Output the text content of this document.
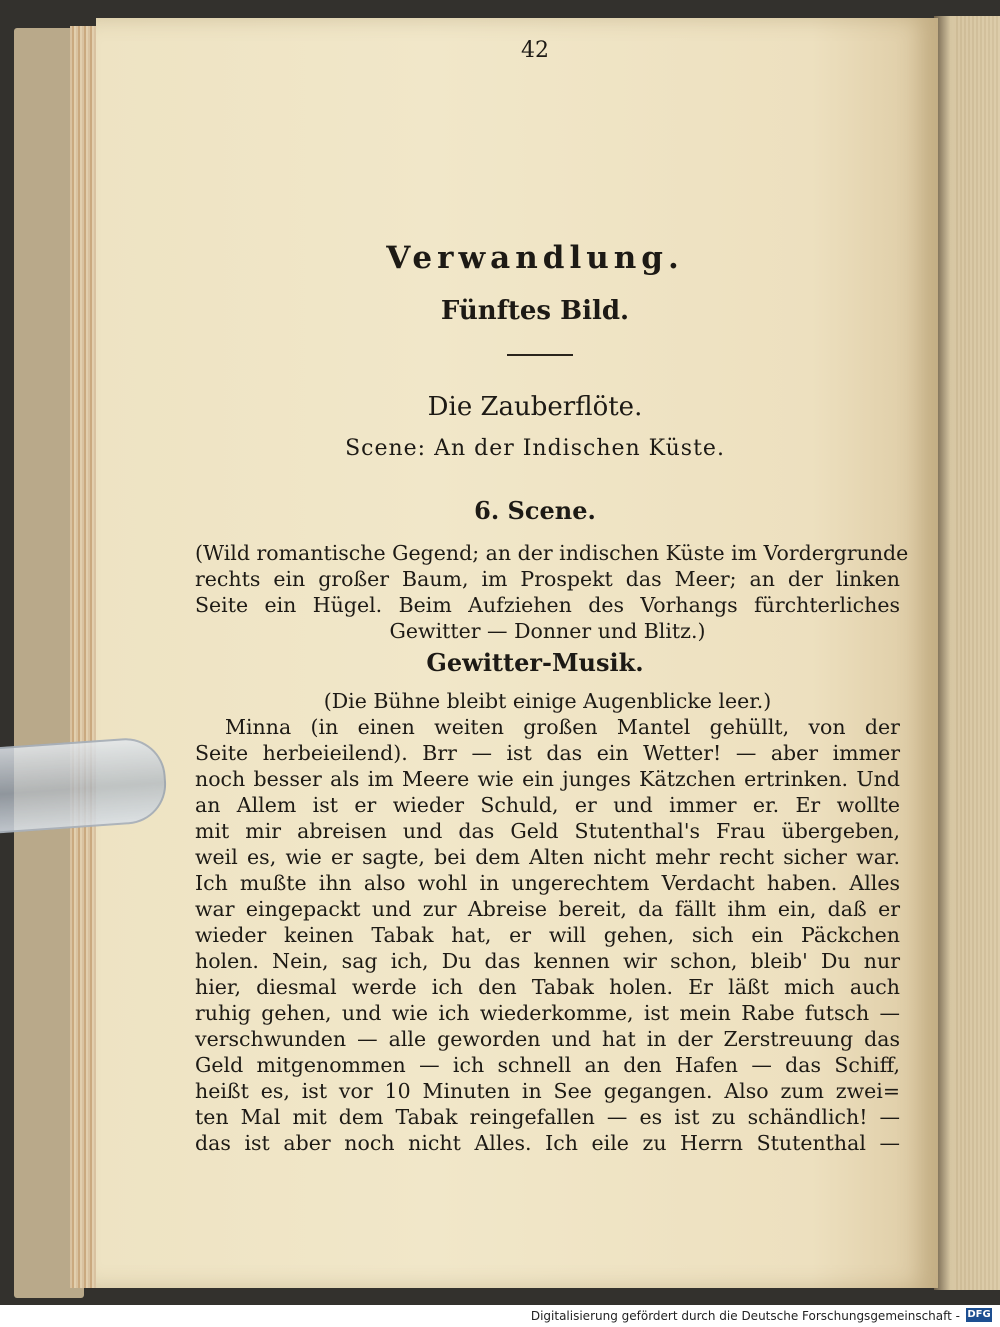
42
Verwandlung.
Fünftes Bild.
Die Zauberflöte.
Scene: An der Indischen Küste.
6. Scene.
(Wild romantische Gegend; an der indischen Küste im Vordergrunde
rechts ein großer Baum, im Prospekt das Meer; an der linken
Seite ein Hügel. Beim Aufziehen des Vorhangs fürchterliches
Gewitter — Donner und Blitz.)
Gewitter-Musik.
(Die Bühne bleibt einige Augenblicke leer.)
Minna (in einen weiten großen Mantel gehüllt, von der
Seite herbeieilend). Brr — ist das ein Wetter! — aber immer
noch besser als im Meere wie ein junges Kätzchen ertrinken. Und
an Allem ist er wieder Schuld, er und immer er. Er wollte
mit mir abreisen und das Geld Stutenthal's Frau übergeben,
weil es, wie er sagte, bei dem Alten nicht mehr recht sicher war.
Ich mußte ihn also wohl in ungerechtem Verdacht haben. Alles
war eingepackt und zur Abreise bereit, da fällt ihm ein, daß er
wieder keinen Tabak hat, er will gehen, sich ein Päckchen
holen. Nein, sag ich, Du das kennen wir schon, bleib' Du nur
hier, diesmal werde ich den Tabak holen. Er läßt mich auch
ruhig gehen, und wie ich wiederkomme, ist mein Rabe futsch —
verschwunden — alle geworden und hat in der Zerstreuung das
Geld mitgenommen — ich schnell an den Hafen — das Schiff,
heißt es, ist vor 10 Minuten in See gegangen. Also zum zwei=
ten Mal mit dem Tabak reingefallen — es ist zu schändlich! —
das ist aber noch nicht Alles. Ich eile zu Herrn Stutenthal —
Digitalisierung gefördert durch die Deutsche Forschungsgemeinschaft - DFG
